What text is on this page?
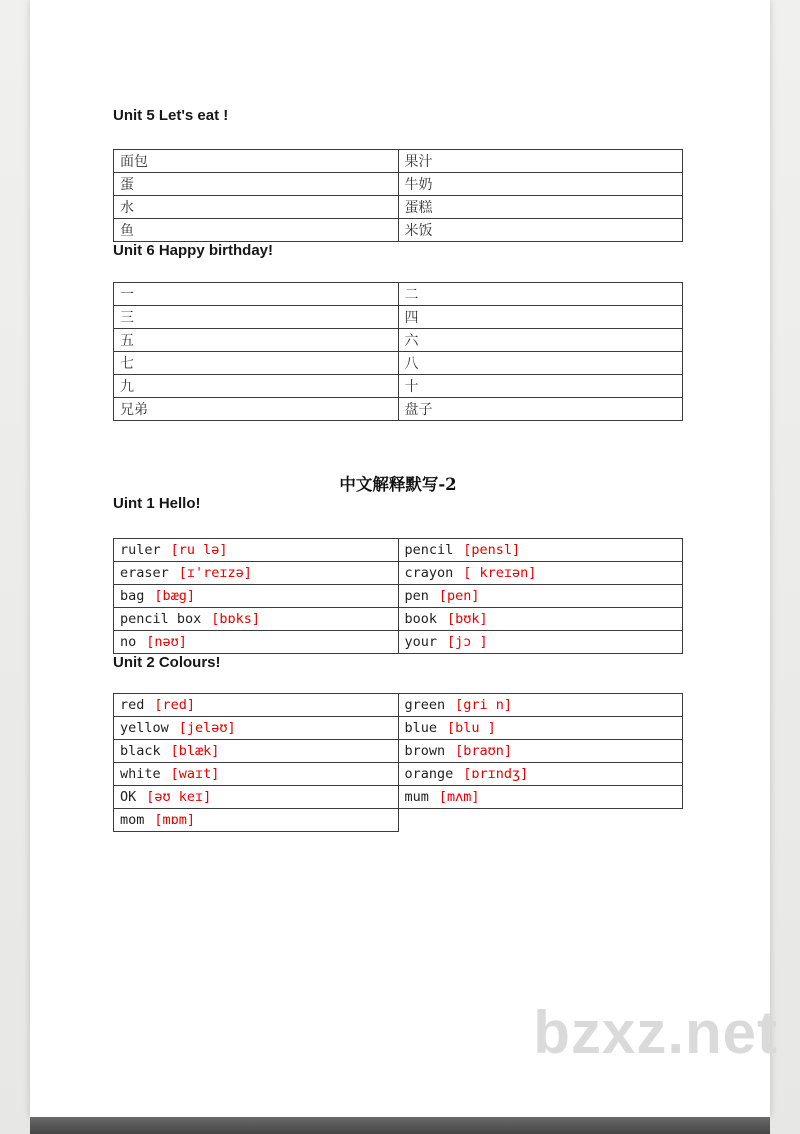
bzxz.net
Unit 5 Let's eat !
面包	果汁
蛋	牛奶
水	蛋糕
鱼	米饭
Unit 6 Happy birthday!
一	二
三	四
五	六
七	八
九	十
兄弟	盘子
中文解释默写-2
Uint 1 Hello!
ruler [ru lə]	pencil [pensl]
eraser [ɪ'reɪzə]	crayon [ kreɪən]
bag [bæg]	pen [pen]
pencil box [bɒks]	book [bʊk]
no [nəʊ]	your [jɔ ]
Unit 2 Colours!
red [red]	green [gri n]
yellow [jeləʊ]	blue [blu ]
black [blæk]	brown [braʊn]
white [waɪt]	orange [ɒrɪndʒ]
OK [əʊ keɪ]	mum [mʌm]
mom [mɒm]	
